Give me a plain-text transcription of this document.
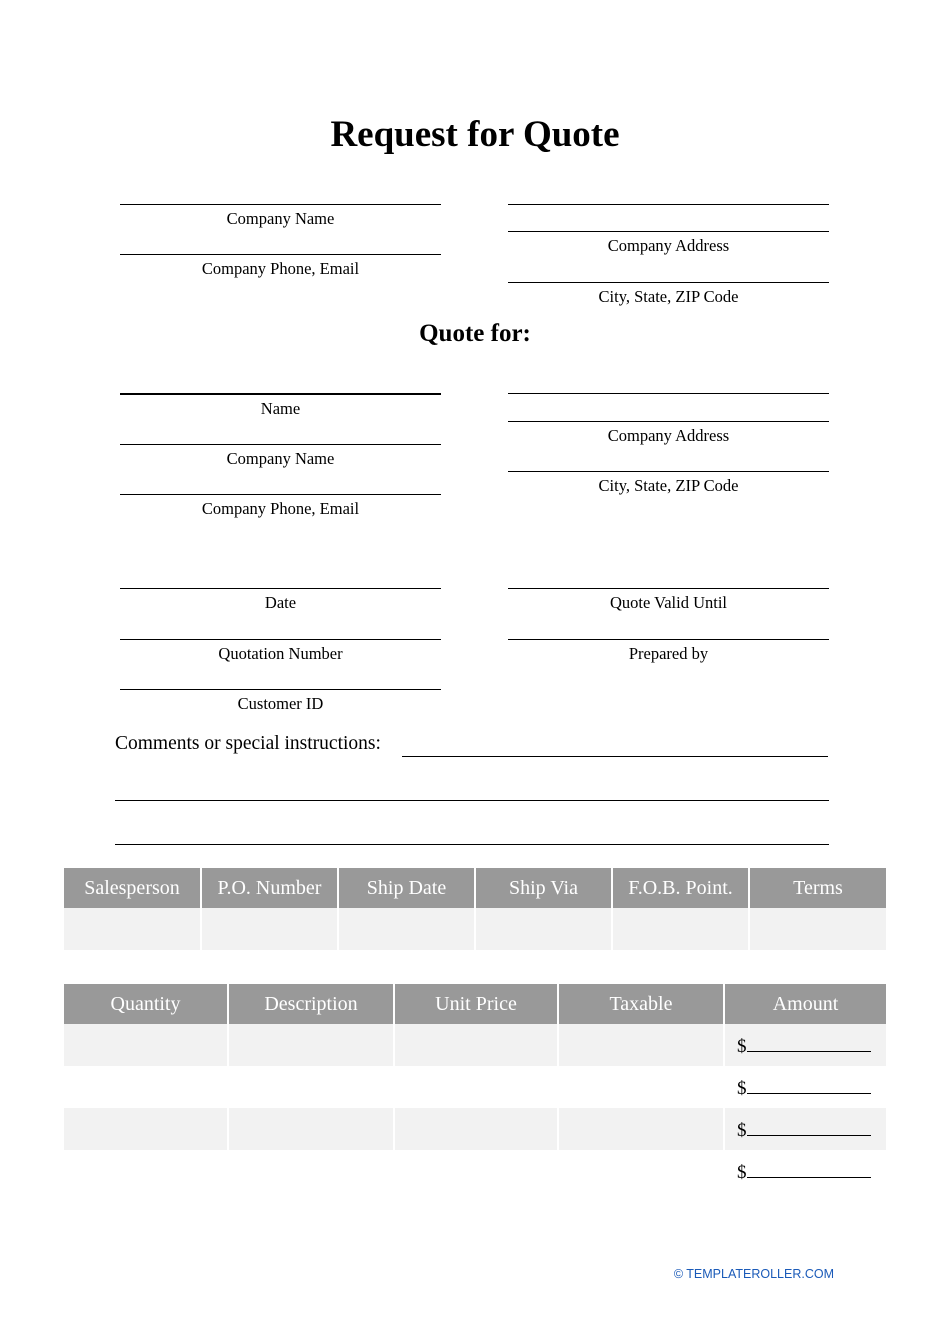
Request for Quote
Company Name
Company Phone, Email
Company Address
City, State, ZIP Code
Quote for:
Name
Company Name
Company Phone, Email
Company Address
City, State, ZIP Code
Date
Quotation Number
Customer ID
Quote Valid Until
Prepared by
Comments or special instructions:
Salesperson	P.O. Number	Ship Date	Ship Via	F.O.B. Point.	Terms

Quantity	Description	Unit Price	Taxable	Amount
				$
				$
				$
				$
© TEMPLATEROLLER.COM
